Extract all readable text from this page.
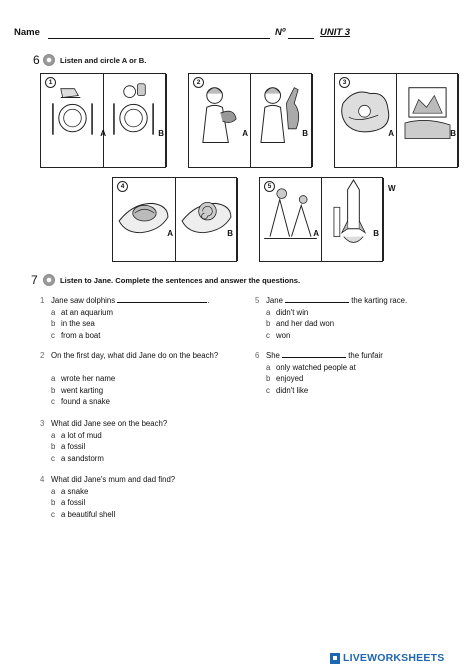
Name	Nº	UNIT 3
6	Listen and circle A or B.
A	B
1
A	B
2
A	B
3
A	B
4
A	B
5	W
7	Listen to Jane. Complete the sentences and answer the questions.
1 Jane saw dolphins	.
a at an aquarium
b in the sea
c from a boat
2 On the first day, what did Jane do on the beach?
a wrote her name
b went karting
c found a snake
3 What did Jane see on the beach?
a a lot of mud
b a fossil
c a sandstorm
4 What did Jane's mum and dad find?
a a snake
b a fossil
c a beautiful shell
5 Jane	the karting race.
a didn't win
b and her dad won
c won
6 She	the funfair
a only watched people at
b enjoyed
c didn't like
LIVEWORKSHEETS
